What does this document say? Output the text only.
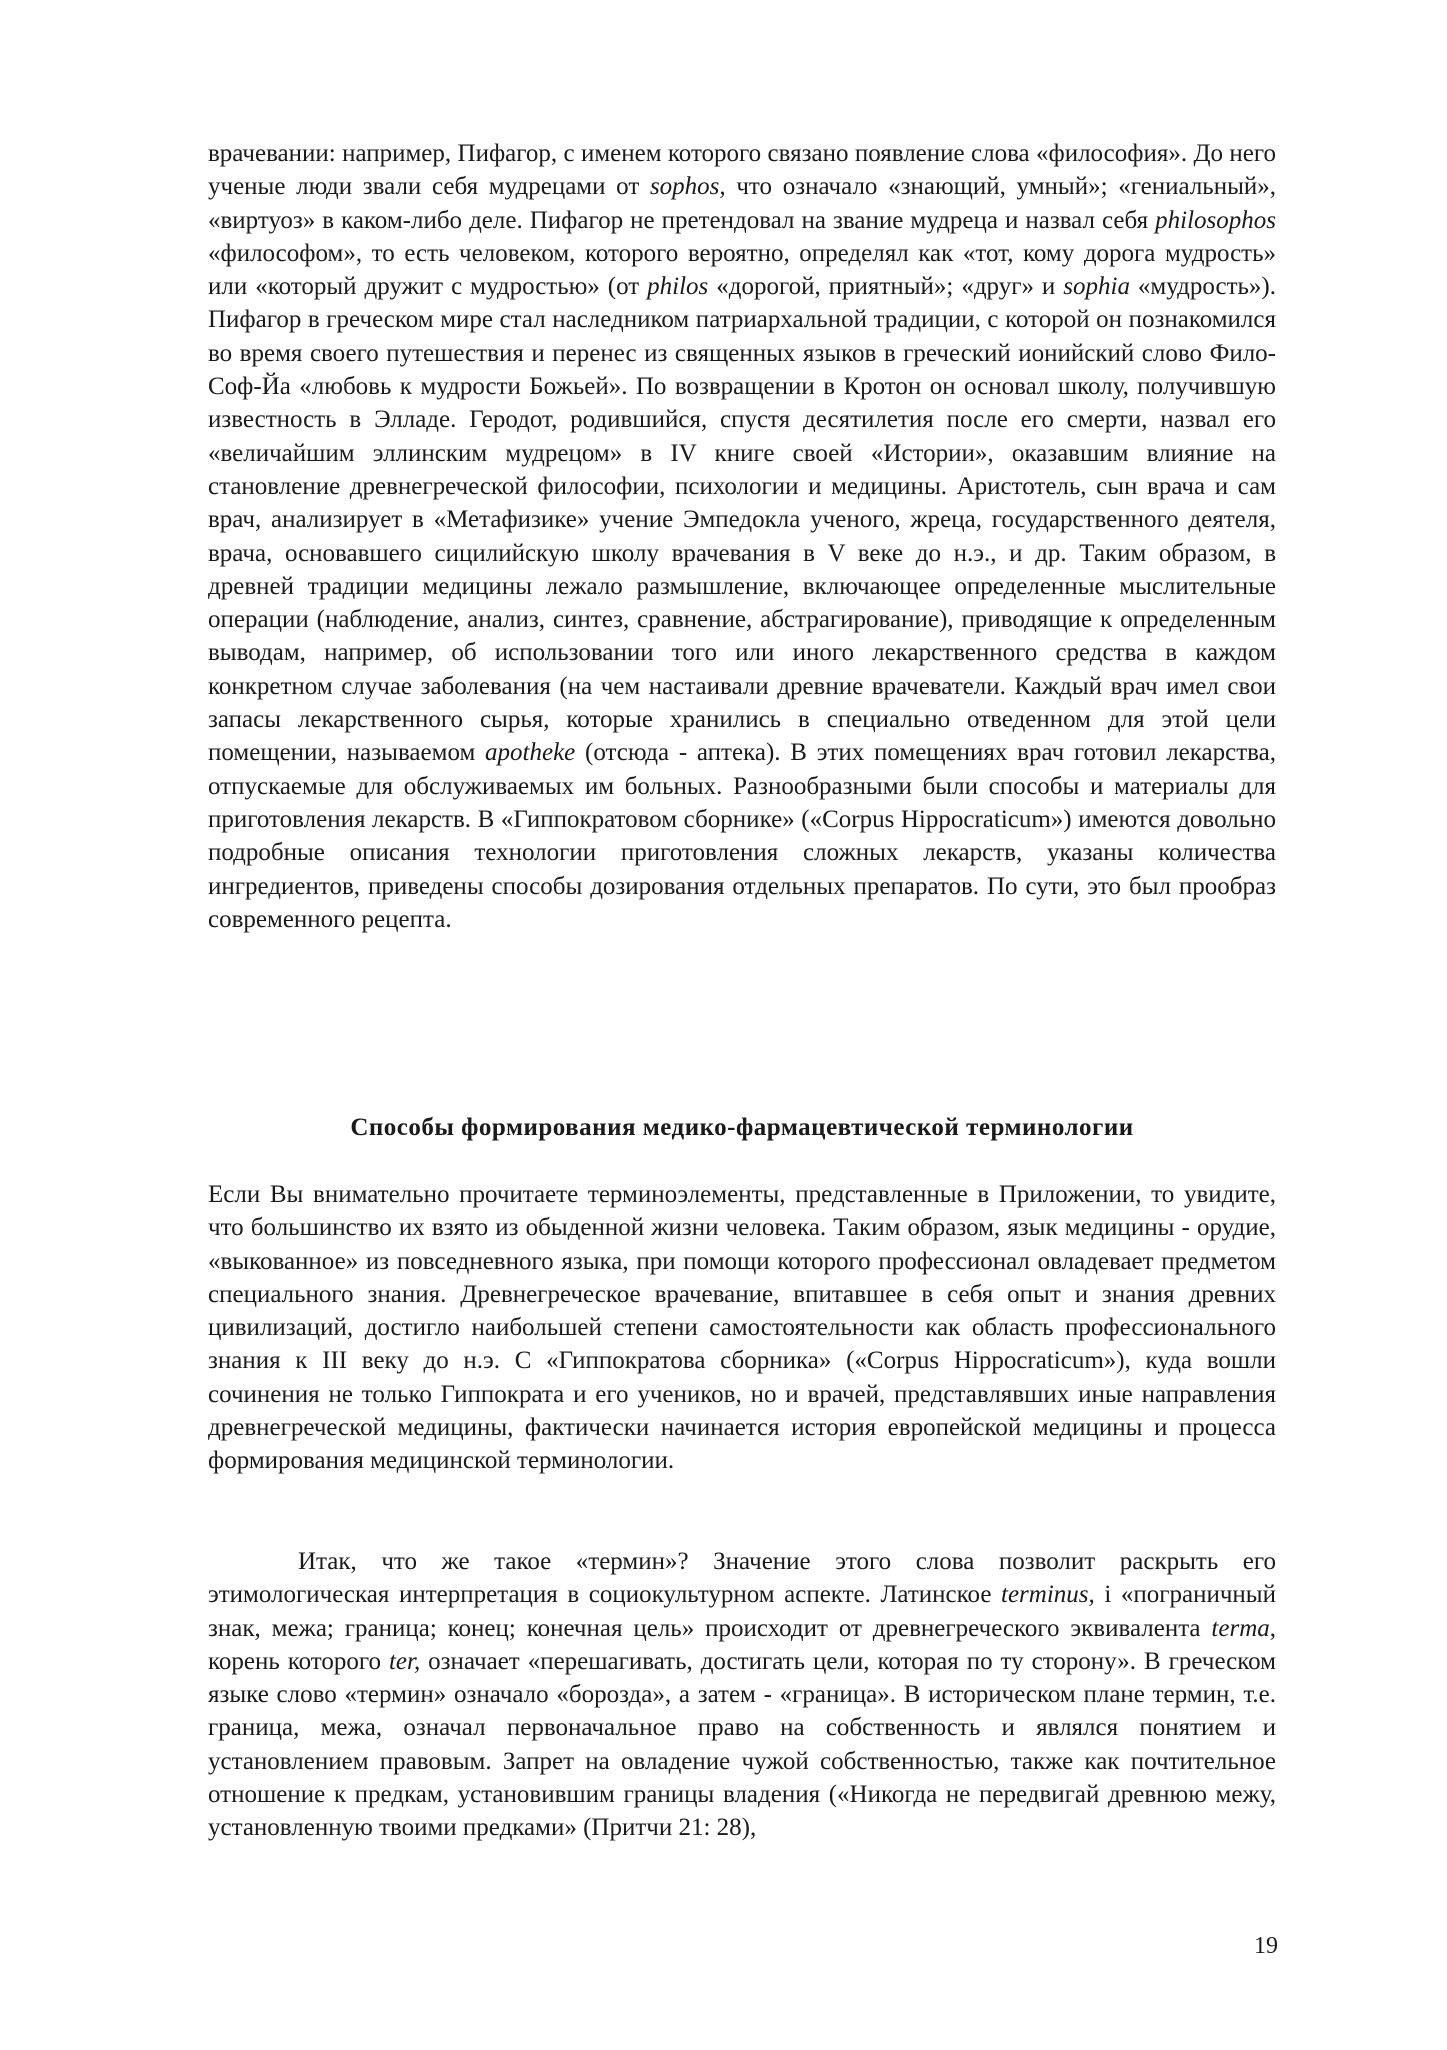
врачевании: например, Пифагор, с именем которого связано появление слова «философия». До него ученые люди звали себя мудрецами от sophos, что означало «знающий, умный»; «гениальный», «виртуоз» в каком-либо деле. Пифагор не претендовал на звание мудреца и назвал себя philosophos «философом», то есть человеком, которого вероятно, определял как «тот, кому дорога мудрость» или «который дружит с мудростью» (от philos «дорогой, приятный»; «друг» и sophia «мудрость»). Пифагор в греческом мире стал наследником патриархальной традиции, с которой он познакомился во время своего путешествия и перенес из священных языков в греческий ионийский слово Фило-Соф-Йа «любовь к мудрости Божьей». По возвращении в Кротон он основал школу, получившую известность в Элладе. Геродот, родившийся, спустя десятилетия после его смерти, назвал его «величайшим эллинским мудрецом» в IV книге своей «Истории», оказавшим влияние на становление древнегреческой философии, психологии и медицины. Аристотель, сын врача и сам врач, анализирует в «Метафизике» учение Эмпедокла ученого, жреца, государственного деятеля, врача, основавшего сицилийскую школу врачевания в V веке до н.э., и др. Таким образом, в древней традиции медицины лежало размышление, включающее определенные мыслительные операции (наблюдение, анализ, синтез, сравнение, абстрагирование), приводящие к определенным выводам, например, об использовании того или иного лекарственного средства в каждом конкретном случае заболевания (на чем настаивали древние врачеватели. Каждый врач имел свои запасы лекарственного сырья, которые хранились в специально отведенном для этой цели помещении, называемом apotheke (отсюда - аптека). В этих помещениях врач готовил лекарства, отпускаемые для обслуживаемых им больных. Разнообразными были способы и материалы для приготовления лекарств. В «Гиппократовом сборнике» («Corpus Hippocraticum») имеются довольно подробные описания технологии приготовления сложных лекарств, указаны количества ингредиентов, приведены способы дозирования отдельных препаратов. По сути, это был прообраз современного рецепта.

Способы формирования медико-фармацевтической терминологии

Если Вы внимательно прочитаете терминоэлементы, представленные в Приложении, то увидите, что большинство их взято из обыденной жизни человека. Таким образом, язык медицины - орудие, «выкованное» из повседневного языка, при помощи которого профессионал овладевает предметом специального знания. Древнегреческое врачевание, впитавшее в себя опыт и знания древних цивилизаций, достигло наибольшей степени самостоятельности как область профессионального знания к III веку до н.э. С «Гиппократова сборника» («Corpus Hippocraticum»), куда вошли сочинения не только Гиппократа и его учеников, но и врачей, представлявших иные направления древнегреческой медицины, фактически начинается история европейской медицины и процесса формирования медицинской терминологии.

Итак, что же такое «термин»? Значение этого слова позволит раскрыть его этимологическая интерпретация в социокультурном аспекте. Латинское terminus, i «пограничный знак, межа; граница; конец; конечная цель» происходит от древнегреческого эквивалента terma, корень которого ter, означает «перешагивать, достигать цели, которая по ту сторону». В греческом языке слово «термин» означало «борозда», а затем - «граница». В историческом плане термин, т.е. граница, межа, означал первоначальное право на собственность и являлся понятием и установлением правовым. Запрет на овладение чужой собственностью, также как почтительное отношение к предкам, установившим границы владения («Никогда не передвигай древнюю межу, установленную твоими предками» (Притчи 21: 28),

19
